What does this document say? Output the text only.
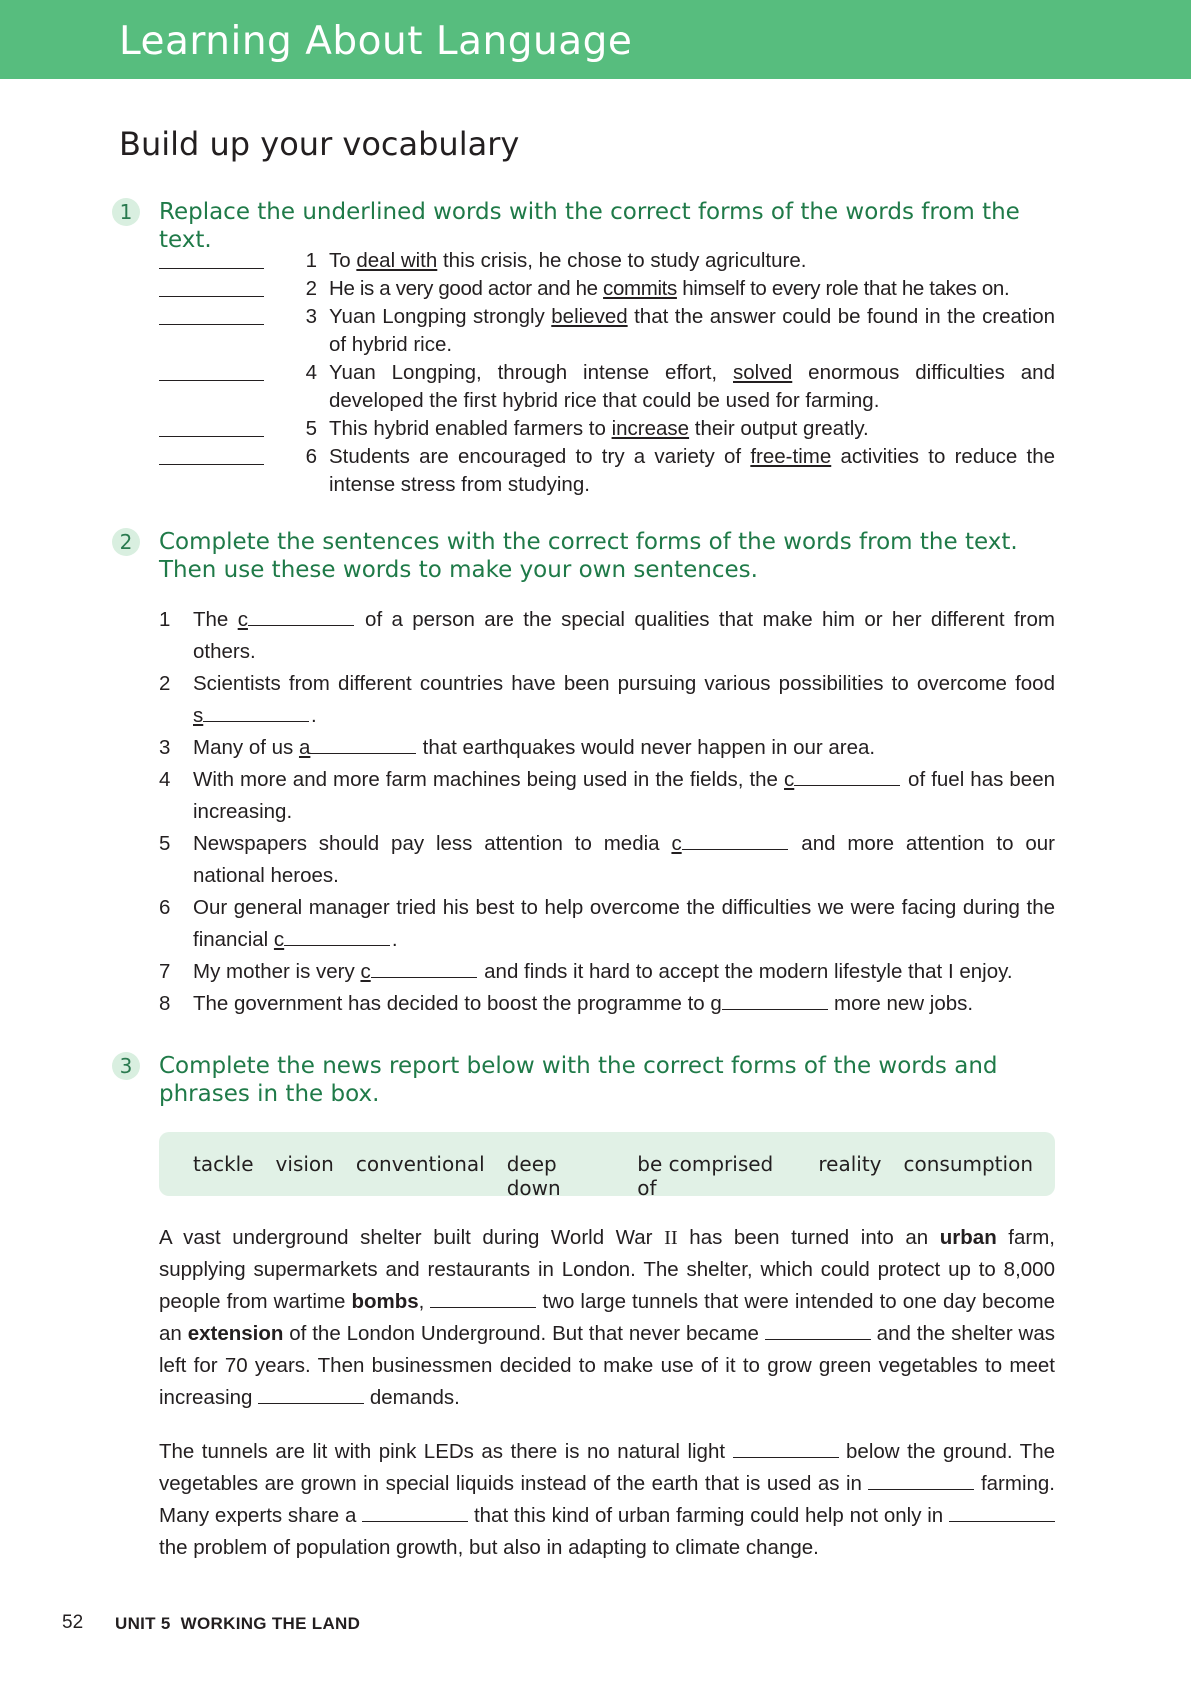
Learning About Language
Build up your vocabulary
1	Replace the underlined words with the correct forms of the words from the text.
1 To deal with this crisis, he chose to study agriculture.
2 He is a very good actor and he commits himself to every role that he takes on.
3 Yuan Longping strongly believed that the answer could be found in the creation of hybrid rice.
4 Yuan Longping, through intense effort, solved enormous difficulties and developed the first hybrid rice that could be used for farming.
5 This hybrid enabled farmers to increase their output greatly.
6 Students are encouraged to try a variety of free-time activities to reduce the intense stress from studying.
2	Complete the sentences with the correct forms of the words from the text.
Then use these words to make your own sentences.
1 The c	of a person are the special qualities that make him or her different from others.
2 Scientists from different countries have been pursuing various possibilities to overcome food s	.
3 Many of us a	that earthquakes would never happen in our area.
4 With more and more farm machines being used in the fields, the c	of fuel has been increasing.
5 Newspapers should pay less attention to media c	and more attention to our national heroes.
6 Our general manager tried his best to help overcome the difficulties we were facing during the financial c	.
7 My mother is very c	and finds it hard to accept the modern lifestyle that I enjoy.
8 The government has decided to boost the programme to g	more new jobs.
3	Complete the news report below with the correct forms of the words and
phrases in the box.
tackle vision conventional deep down
be comprised of
reality consumption
A vast underground shelter built during World War II has been turned into an urban farm, supplying supermarkets and restaurants in London. The shelter, which could protect up to 8,000 people from wartime bombs,	two large tunnels that were intended to one day become an extension of the London Underground. But that never became	and the shelter was left for 70 years. Then businessmen decided to make use of it to grow green vegetables to meet increasing	demands.
The tunnels are lit with pink LEDs as there is no natural light	below the ground. The vegetables are grown in special liquids instead of the earth that is used as in	farming. Many experts share a	that this kind of urban farming could help not only in  the problem of population growth, but also in adapting to climate change.
52 UNIT 5  WORKING THE LAND
